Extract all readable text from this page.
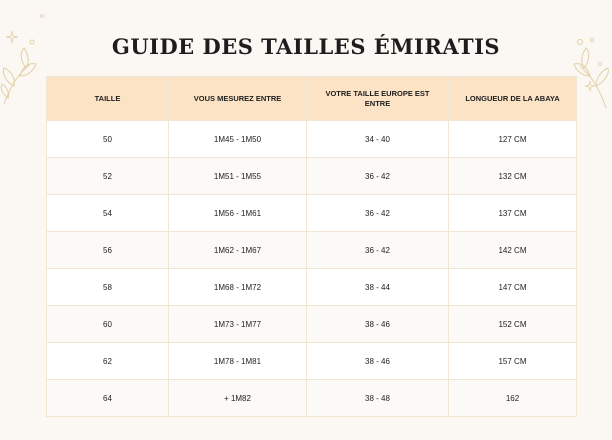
GUIDE DES TAILLES ÉMIRATIS
TAILLE	VOUS MESUREZ ENTRE	VOTRE TAILLE EUROPE EST ENTRE	LONGUEUR DE LA ABAYA
50	1M45 - 1M50	34 - 40	127 CM
52	1M51 - 1M55	36 - 42	132 CM
54	1M56 - 1M61	36 - 42	137 CM
56	1M62 - 1M67	36 - 42	142 CM
58	1M68 - 1M72	38 - 44	147 CM
60	1M73 - 1M77	38 - 46	152 CM
62	1M78 - 1M81	38 - 46	157 CM
64	+ 1M82	38 - 48	162
